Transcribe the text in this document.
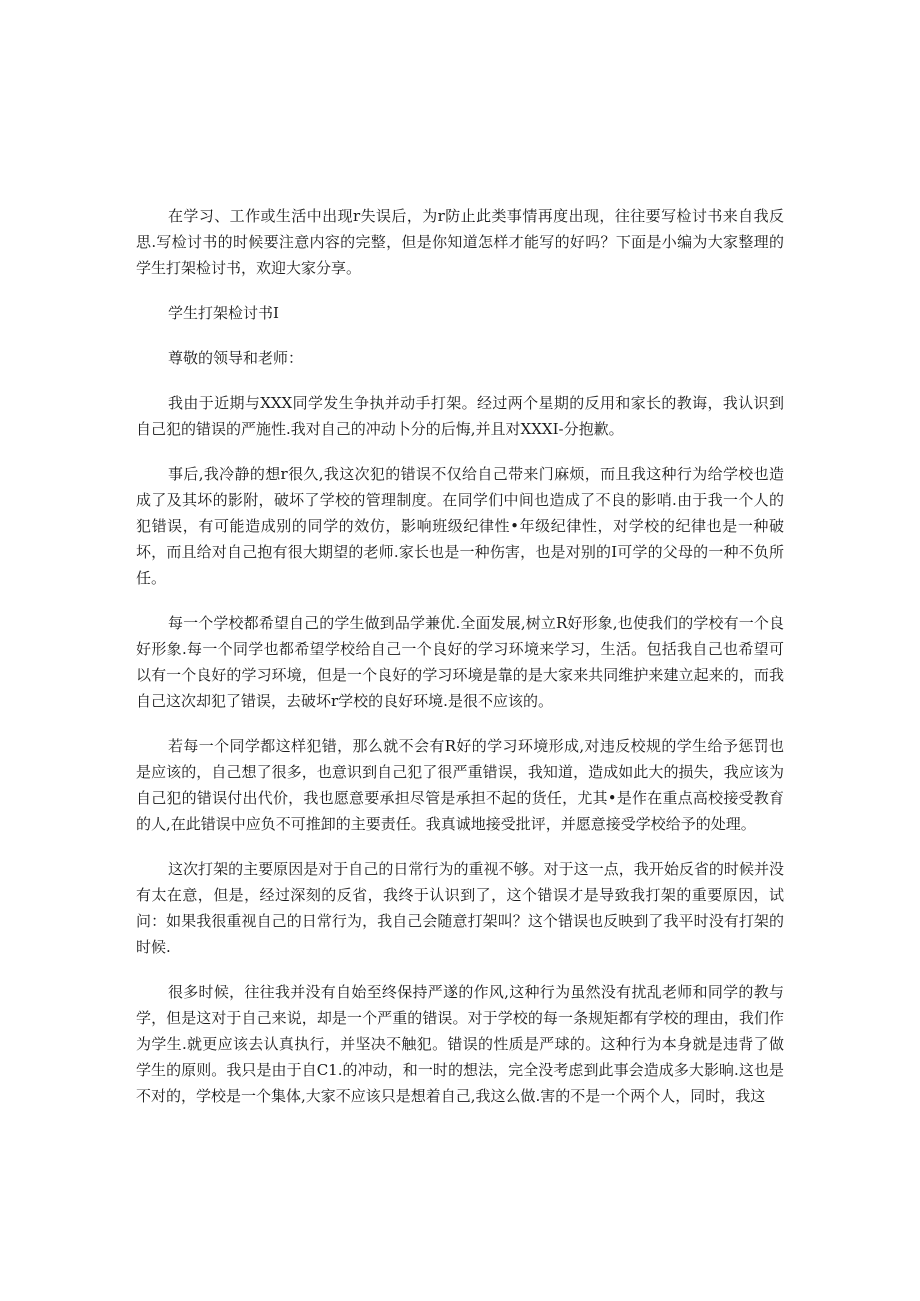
在学习、工作或生活中出现r失误后，为r防止此类事情再度出现，往往要写检讨书来自我反思.写检讨书的时候要注意内容的完整，但是你知道怎样才能写的好吗？下面是小编为大家整理的学生打架检讨书，欢迎大家分享。

学生打架检讨书I

尊敬的领导和老师：

我由于近期与XXX同学发生争执并动手打架。经过两个星期的反用和家长的教诲，我认识到自己犯的错误的严施性.我对自己的冲动卜分的后悔,并且对XXXI-分抱歉。

事后,我冷静的想r很久,我这次犯的错误不仅给自己带来门麻烦，而且我这种行为给学校也造成了及其坏的影附，破坏了学校的管理制度。在同学们中间也造成了不良的影哨.由于我一个人的犯错误，有可能造成别的同学的效仿，影响班级纪律性•年级纪律性，对学校的纪律也是一种破坏，而且给对自己抱有很大期望的老师.家长也是一种伤害，也是对别的I可学的父母的一种不负所任。

每一个学校都希望自己的学生做到品学兼优.全面发展,树立R好形象,也使我们的学校有一个良好形象.每一个同学也都希望学校给自己一个良好的学习环境来学习，生活。包括我自己也希望可以有一个良好的学习环境，但是一个良好的学习环境是靠的是大家来共同维护来建立起来的，而我自己这次却犯了错误，去破坏r学校的良好环境.是很不应该的。

若每一个同学都这样犯错，那么就不会有R好的学习环境形成,对违反校规的学生给予惩罚也是应该的，自己想了很多，也意识到自己犯了很严重错误，我知道，造成如此大的损失，我应该为自己犯的错误付出代价，我也愿意要承担尽管是承担不起的货任，尤其•是作在重点高校接受教育的人,在此错误中应负不可推卸的主要责任。我真诚地接受批评，并愿意接受学校给予的处理。

这次打架的主要原因是对于自己的日常行为的重视不够。对于这一点，我开始反省的时候并没有太在意，但是，经过深刻的反省，我终于认识到了，这个错误才是导致我打架的重要原因，试问：如果我很重视自己的日常行为，我自己会随意打架叫？这个错误也反映到了我平时没有打架的时候.

很多时候，往往我并没有自始至终保持严遂的作风,这种行为虽然没有扰乱老师和同学的教与学，但是这对于自己来说，却是一个严重的错误。对于学校的每一条规矩都有学校的理由，我们作为学生.就更应该去认真执行，并坚决不触犯。错误的性质是严球的。这种行为本身就是违背了做学生的原则。我只是由于自C1.的冲动，和一时的想法，完全没考虑到此事会造成多大影晌.这也是不对的，学校是一个集体,大家不应该只是想着自己,我这么做.害的不是一个两个人，同时，我这
